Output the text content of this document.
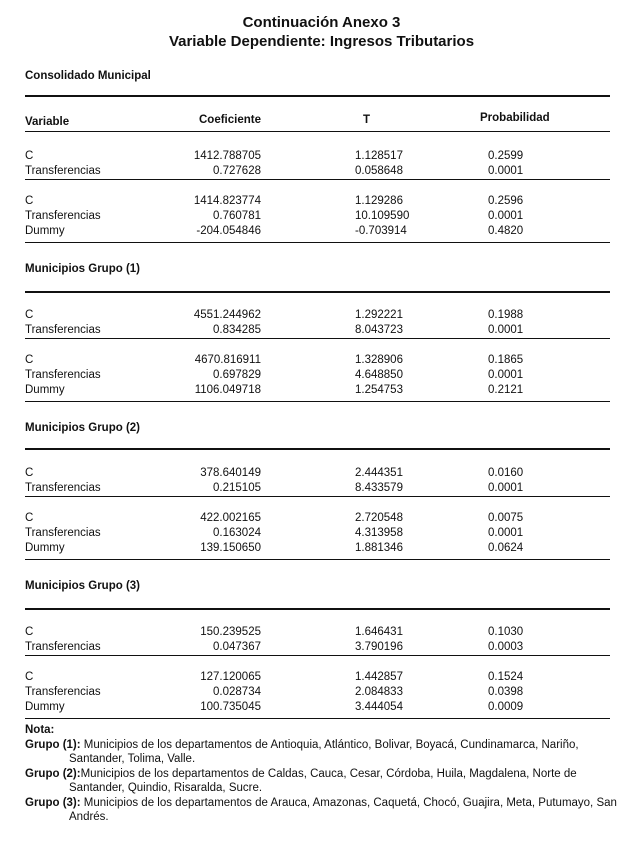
Continuación Anexo 3
Variable Dependiente: Ingresos Tributarios
Consolidado Municipal
Variable	Coeficiente	T	Probabilidad
C	1412.788705	1.128517	0.2599
Transferencias	0.727628	0.058648	0.0001
C	1414.823774	1.129286	0.2596
Transferencias	0.760781	10.109590	0.0001
Dummy	-204.054846	-0.703914	0.4820
Municipios Grupo (1)
C	4551.244962	1.292221	0.1988
Transferencias	0.834285	8.043723	0.0001
C	4670.816911	1.328906	0.1865
Transferencias	0.697829	4.648850	0.0001
Dummy	1106.049718	1.254753	0.2121
Municipios Grupo (2)
C	378.640149	2.444351	0.0160
Transferencias	0.215105	8.433579	0.0001
C	422.002165	2.720548	0.0075
Transferencias	0.163024	4.313958	0.0001
Dummy	139.150650	1.881346	0.0624
Municipios Grupo (3)
C	150.239525	1.646431	0.1030
Transferencias	0.047367	3.790196	0.0003
C	127.120065	1.442857	0.1524
Transferencias	0.028734	2.084833	0.0398
Dummy	100.735045	3.444054	0.0009
Nota:
Grupo (1): Municipios de los departamentos de Antioquia, Atlántico, Bolivar, Boyacá, Cundinamarca, Nariño, Santander, Tolima, Valle.
Grupo (2):Municipios de los departamentos de Caldas, Cauca, Cesar, Córdoba, Huila, Magdalena, Norte de Santander, Quindio, Risaralda, Sucre.
Grupo (3): Municipios de los departamentos de Arauca, Amazonas, Caquetá, Chocó, Guajira, Meta, Putumayo, San Andrés.
